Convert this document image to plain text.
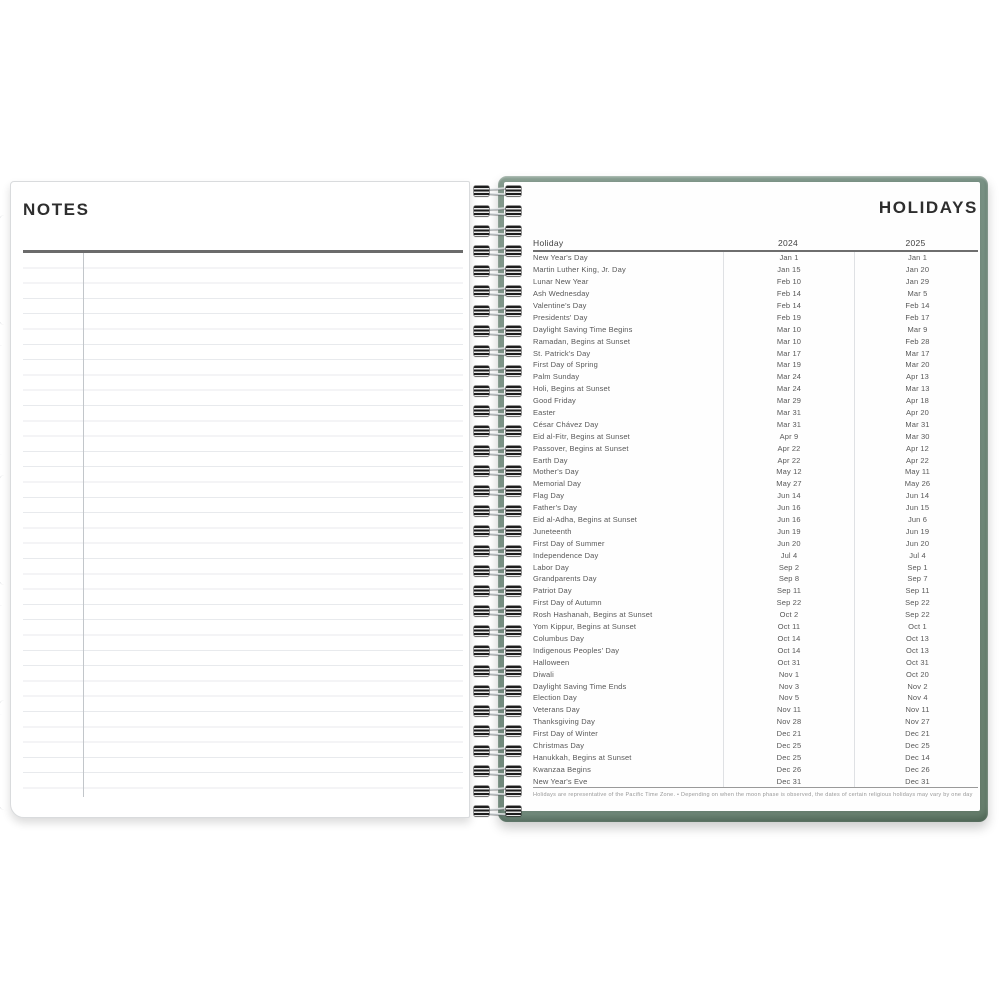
NOTES	HOLIDAYS
Holiday	2024	2025
New Year's Day	Jan 1	Jan 1
Martin Luther King, Jr. Day	Jan 15	Jan 20
Lunar New Year	Feb 10	Jan 29
Ash Wednesday	Feb 14	Mar 5
Valentine's Day	Feb 14	Feb 14
Presidents' Day	Feb 19	Feb 17
Daylight Saving Time Begins	Mar 10	Mar 9
Ramadan, Begins at Sunset	Mar 10	Feb 28
St. Patrick's Day	Mar 17	Mar 17
First Day of Spring	Mar 19	Mar 20
Palm Sunday	Mar 24	Apr 13
Holi, Begins at Sunset	Mar 24	Mar 13
Good Friday	Mar 29	Apr 18
Easter	Mar 31	Apr 20
César Chávez Day	Mar 31	Mar 31
Eid al-Fitr, Begins at Sunset	Apr 9	Mar 30
Passover, Begins at Sunset	Apr 22	Apr 12
Earth Day	Apr 22	Apr 22
Mother's Day	May 12	May 11
Memorial Day	May 27	May 26
Flag Day	Jun 14	Jun 14
Father's Day	Jun 16	Jun 15
Eid al-Adha, Begins at Sunset	Jun 16	Jun 6
Juneteenth	Jun 19	Jun 19
First Day of Summer	Jun 20	Jun 20
Independence Day	Jul 4	Jul 4
Labor Day	Sep 2	Sep 1
Grandparents Day	Sep 8	Sep 7
Patriot Day	Sep 11	Sep 11
First Day of Autumn	Sep 22	Sep 22
Rosh Hashanah, Begins at Sunset	Oct 2	Sep 22
Yom Kippur, Begins at Sunset	Oct 11	Oct 1
Columbus Day	Oct 14	Oct 13
Indigenous Peoples' Day	Oct 14	Oct 13
Halloween	Oct 31	Oct 31
Diwali	Nov 1	Oct 20
Daylight Saving Time Ends	Nov 3	Nov 2
Election Day	Nov 5	Nov 4
Veterans Day	Nov 11	Nov 11
Thanksgiving Day	Nov 28	Nov 27
First Day of Winter	Dec 21	Dec 21
Christmas Day	Dec 25	Dec 25
Hanukkah, Begins at Sunset	Dec 25	Dec 14
Kwanzaa Begins	Dec 26	Dec 26
New Year's Eve	Dec 31	Dec 31
Holidays are representative of the Pacific Time Zone. • Depending on when the moon phase is observed, the dates of certain religious holidays may vary by one day
